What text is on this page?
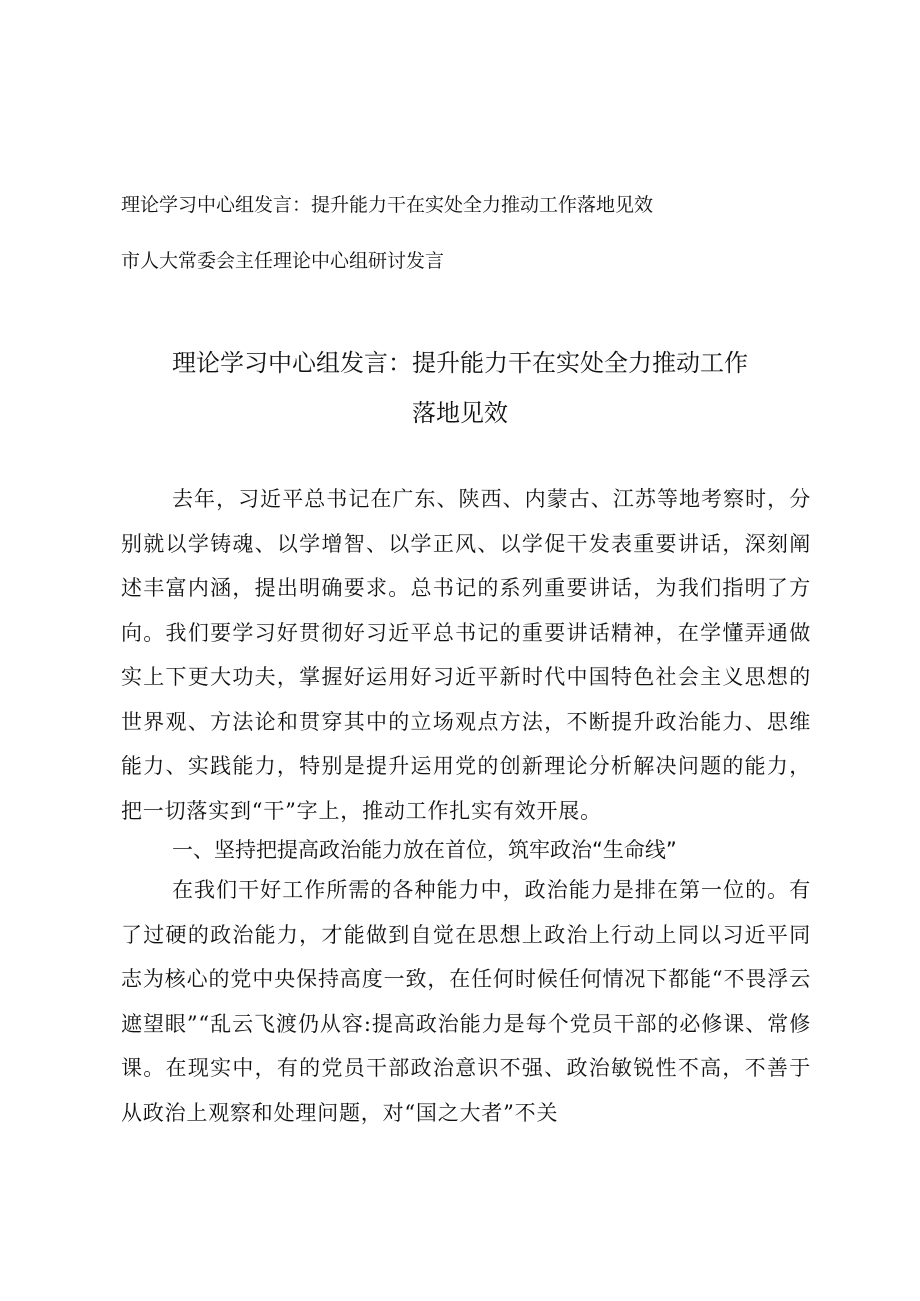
理论学习中心组发言：提升能力干在实处全力推动工作落地见效
市人大常委会主任理论中心组研讨发言
理论学习中心组发言：提升能力干在实处全力推动工作
落地见效

去年，习近平总书记在广东、陕西、内蒙古、江苏等地考察时，分别就以学铸魂、以学增智、以学正风、以学促干发表重要讲话，深刻阐述丰富内涵，提出明确要求。总书记的系列重要讲话，为我们指明了方向。我们要学习好贯彻好习近平总书记的重要讲话精神，在学懂弄通做实上下更大功夫，掌握好运用好习近平新时代中国特色社会主义思想的世界观、方法论和贯穿其中的立场观点方法，不断提升政治能力、思维能力、实践能力，特别是提升运用党的创新理论分析解决问题的能力，把一切落实到“干”字上，推动工作扎实有效开展。

一、坚持把提高政治能力放在首位，筑牢政治“生命线”

在我们干好工作所需的各种能力中，政治能力是排在第一位的。有了过硬的政治能力，才能做到自觉在思想上政治上行动上同以习近平同志为核心的党中央保持高度一致，在任何时候任何情况下都能“不畏浮云遮望眼”“乱云飞渡仍从容:提高政治能力是每个党员干部的必修课、常修课。在现实中，有的党员干部政治意识不强、政治敏锐性不高，不善于从政治上观察和处理问题，对“国之大者”不关
